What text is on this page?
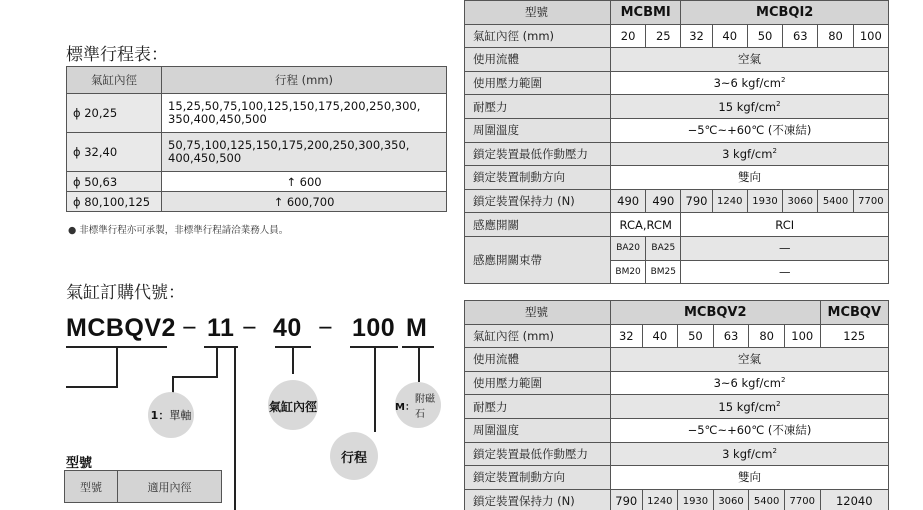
標準行程表：
氣缸內徑	行程 (mm)
ϕ 20,25	15,25,50,75,100,125,150,175,200,250,300, 350,400,450,500
ϕ 32,40	50,75,100,125,150,175,200,250,300,350, 400,450,500
ϕ 50,63	↑ 600
ϕ 80,100,125	↑ 600,700
● 非標準行程亦可承製，非標準行程請洽業務人員。
氣缸訂購代號：
MCBQV2 − 11 − 40 − 100 M
1： 單軸
氣缸內徑	M：
附磁石
行程
型號
型號	適用內徑
型號	MCBMI		MCBQI2					
氣缸內徑 (mm)	20	25	32	40	50	63	80	100
使用流體	空氣							
使用壓力範圍	3~6 kgf/$cm^2$
耐壓力	15 kgf/$cm^2$
周圍溫度	−5℃~+60℃ (不凍結)							
鎖定裝置最低作動壓力	3 kgf/$cm^2$
鎖定裝置制動方向	雙向							
鎖定裝置保持力 (N)	490	490	790	1240	1930	3060	5400	7700
感應開關	RCA,RCM		RCI					
感應開關束帶	BA20	BA25	—					
	BM20	BM25	—					
型號	MCBQV2						MCBQV
氣缸內徑 (mm)	32	40	50	63	80	100	125
使用流體	空氣						
使用壓力範圍	3~6 kgf/$cm^2$
耐壓力	15 kgf/$cm^2$
周圍溫度	−5℃~+60℃ (不凍結)						
鎖定裝置最低作動壓力	3 kgf/$cm^2$
鎖定裝置制動方向	雙向						
鎖定裝置保持力 (N)	790	1240	1930	3060	5400	7700	12040
